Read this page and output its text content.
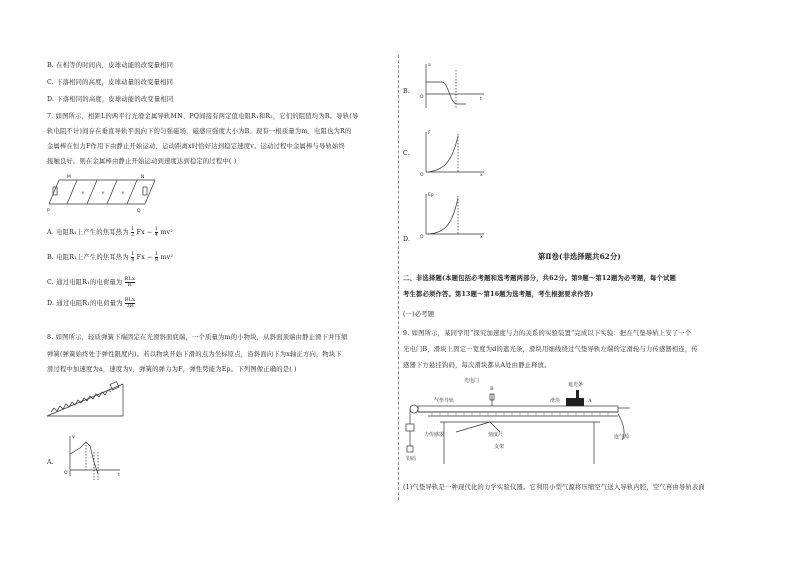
B. 在相等的时间内，皮球动能的改变量相同
C. 下落相同的高度，皮球动量的改变量相同
D. 下落相同的高度，皮球动能的改变量相同
7. 如图所示，相距L的两平行光滑金属导轨MN、PQ间接有两定值电阻R₁和R₂，它们的阻值均为R。导轨(导
轨电阻不计)间存在垂直导轨平面向下的匀强磁场，磁感应强度大小为B。现有一根质量为m、电阻也为R的
金属棒在恒力F作用下由静止开始运动，运动距离x时恰好达到稳定速度v。运动过程中金属棒与导轨始终
接触良好。则在金属棒由静止开始运动到速度达到稳定的过程中( )
M	N
P	Q
×	×	×
A. 电阻R₁上产生的焦耳热为 $\frac{1}{2}$ $Fx - \frac{1}{4} mv^2$
B. 电阻R₁上产生的焦耳热为 $\frac{1}{4}$ $Fx - \frac{1}{8} mv^2$
C. 通过电阻R₁的电荷量为 $\frac{\text{BLx}}{R}$
D. 通过电阻R₁的电荷量为 $\frac{\text{BLx}}{3R}$
8. 如图所示，轻质弹簧下端固定在光滑斜面底端，一个质量为m的小物块，从斜面顶端由静止滑下并压缩
弹簧(弹簧始终处于弹性限度内)。若以物块开始下滑的点为坐标原点，沿斜面向下为x轴正方向，物块下
滑过程中加速度为a，速度为v，弹簧的弹力为F，弹性势能为Ep。下列图像正确的是( )
A.
v
O	t
B.
a
O	t
C.
F
O	x
D.
Ep
O	x
第Ⅱ卷(非选择题共62分)
二、非选择题(本题包括必考题和选考题两部分，共62分。第9题～第12题为必考题，每个试题
考生都必须作答。第13题～第16题为选考题，考生根据要求作答)
(一)必考题
9. 如图所示，某同学用“探究加速度与力的关系的实验装置”完成以下实验：把在气垫导轨上安了一个
光电门B，滑块上固定一宽度为d的遮光条，滑块用细线绕过气垫导轨左端的定滑轮与力传感器相连，传
感器下方悬挂钩码，每次滑块都从A处由静止释放。
光电门
B
遮光条
气垫导轨	滑块	A
力传感器	刻度尺	连气源
支架
钩码
(1)气垫导轨是一种现代化的力学实验仪器。它利用小型气源将压缩空气送入导轨内腔，空气再由导轨表面
